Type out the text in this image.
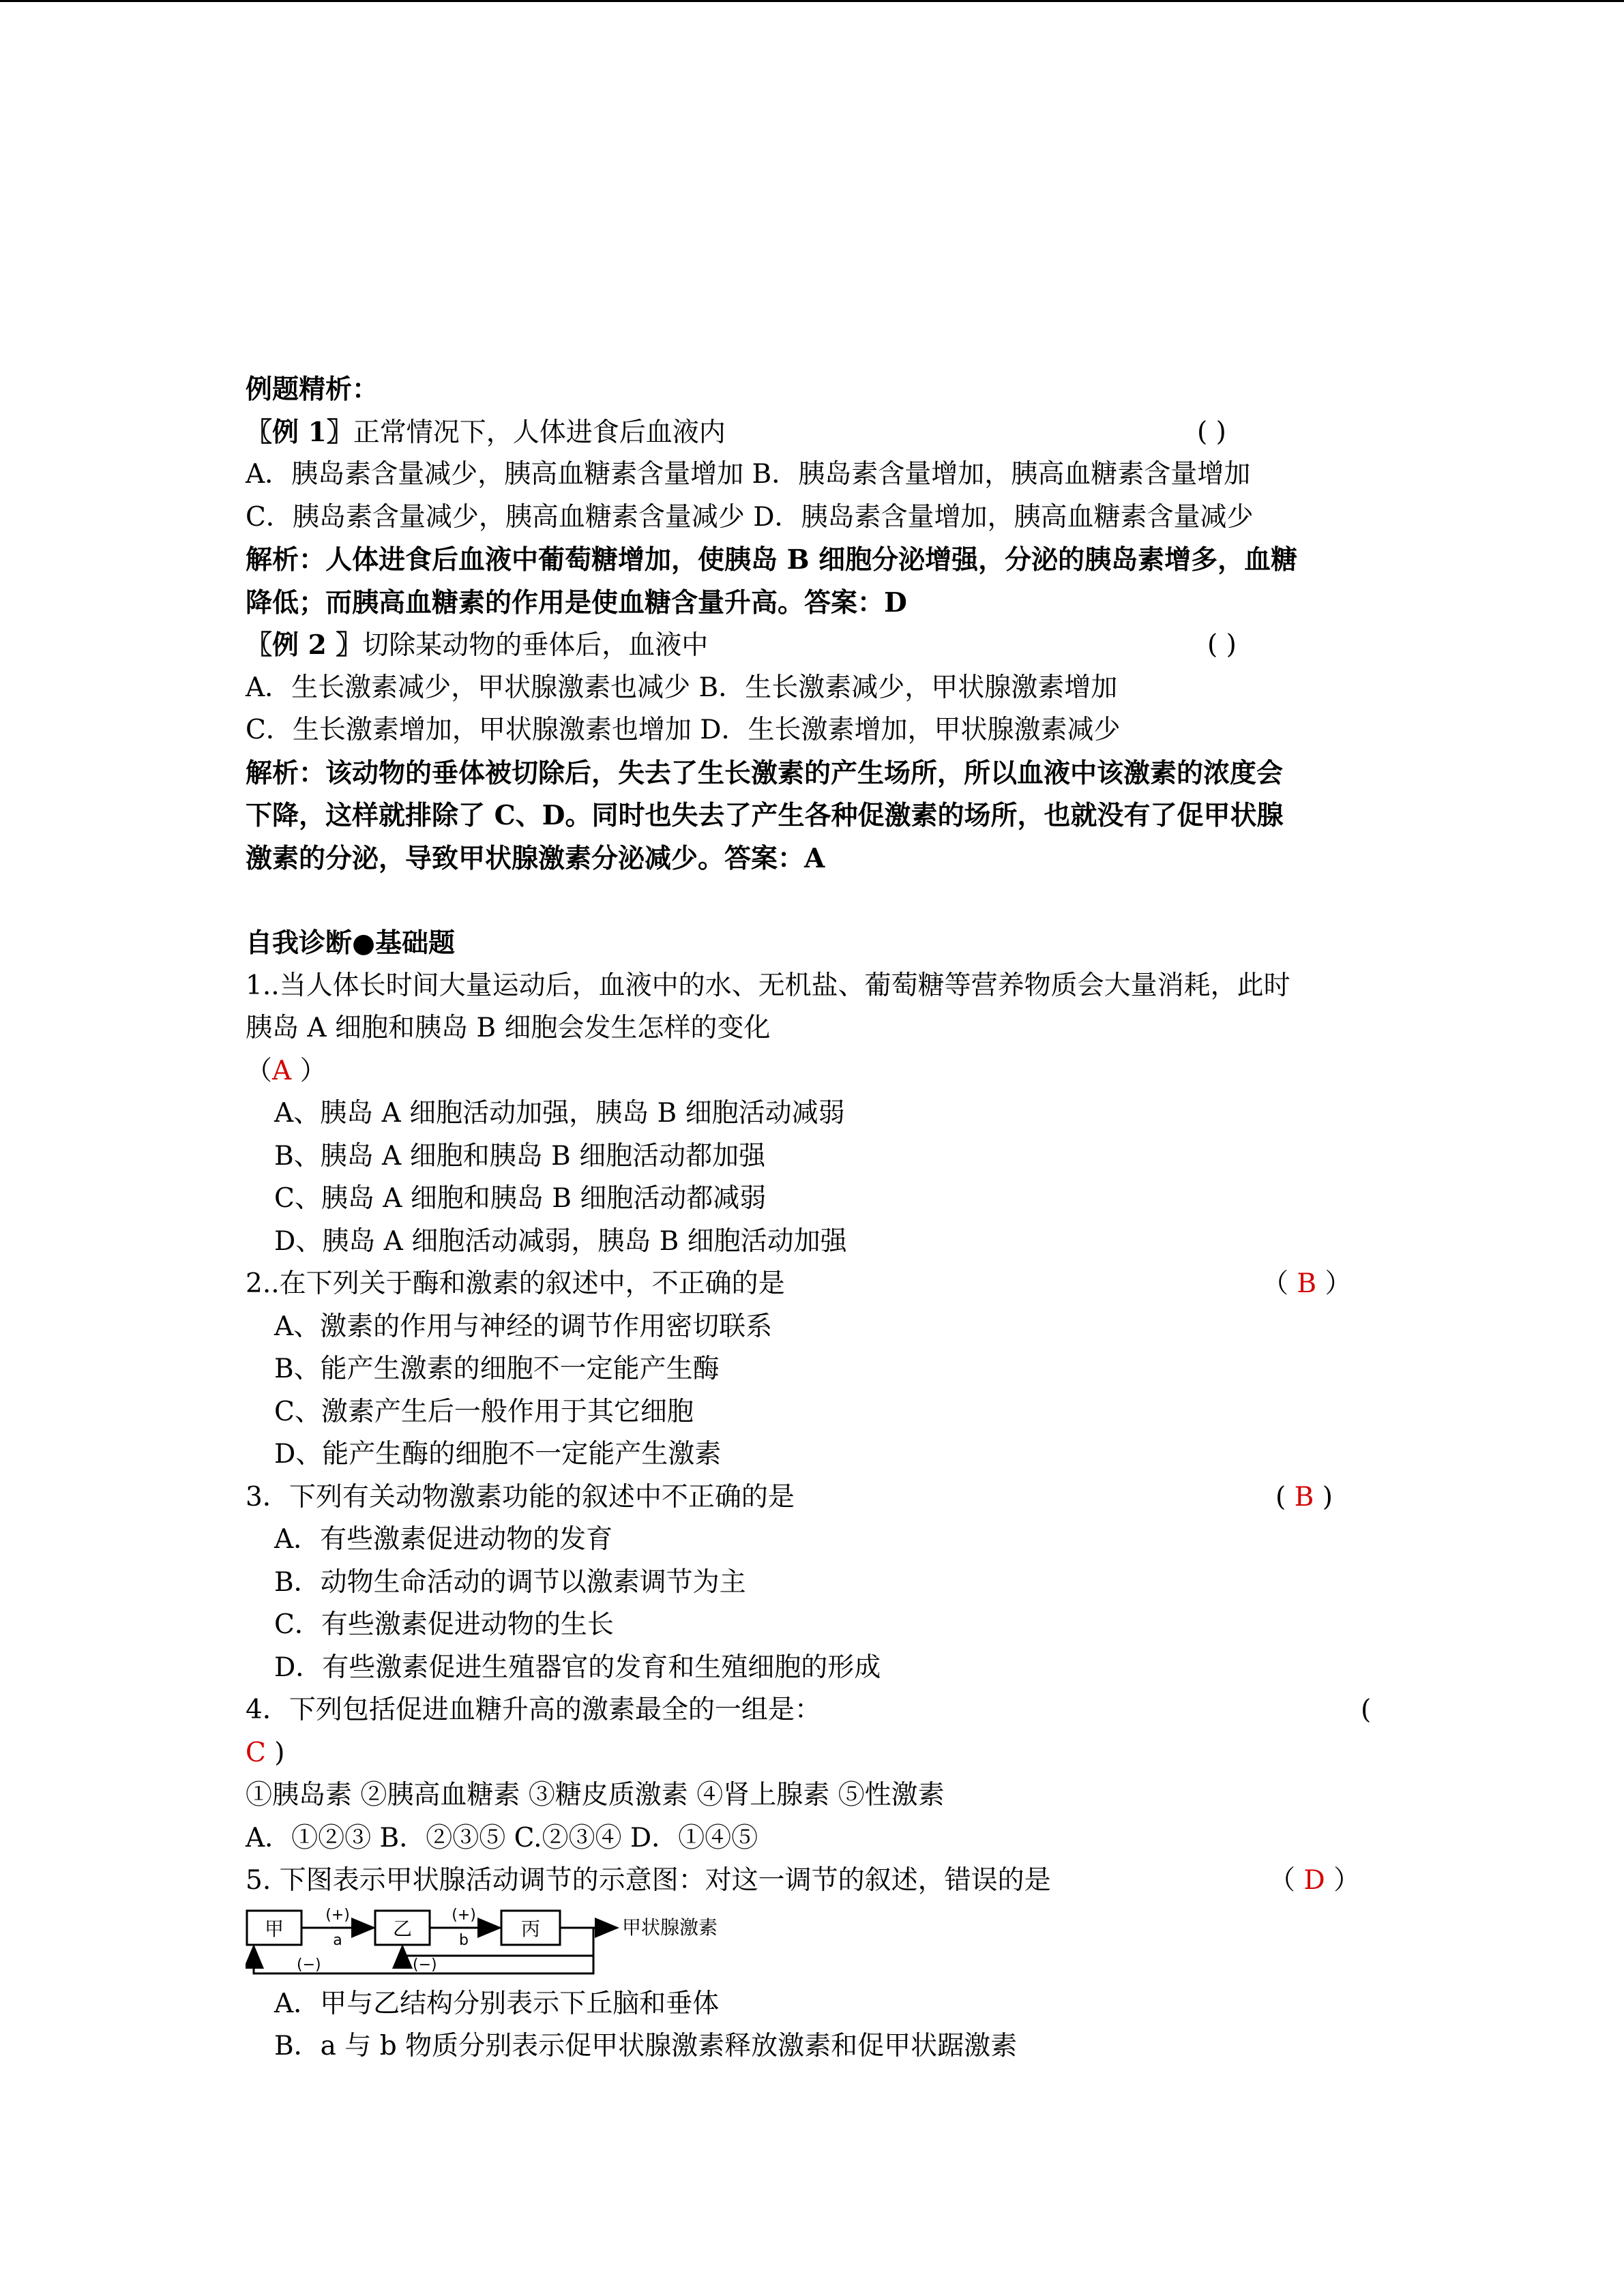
例题精析：
〖例 1〗正常情况下，人体进食后血液内	( )
A．胰岛素含量减少，胰高血糖素含量增加 B．胰岛素含量增加，胰高血糖素含量增加
C．胰岛素含量减少，胰高血糖素含量减少 D．胰岛素含量增加，胰高血糖素含量减少
解析：人体进食后血液中葡萄糖增加，使胰岛 B 细胞分泌增强，分泌的胰岛素增多，血糖
降低；而胰高血糖素的作用是使血糖含量升高。答案：D
〖例 2 〗切除某动物的垂体后，血液中	( )
A．生长激素减少，甲状腺激素也减少 B．生长激素减少，甲状腺激素增加
C．生长激素增加，甲状腺激素也增加 D．生长激素增加，甲状腺激素减少
解析：该动物的垂体被切除后，失去了生长激素的产生场所，所以血液中该激素的浓度会
下降，这样就排除了 C、D。同时也失去了产生各种促激素的场所，也就没有了促甲状腺
激素的分泌，导致甲状腺激素分泌减少。答案：A
自我诊断●基础题
1..当人体长时间大量运动后，血液中的水、无机盐、葡萄糖等营养物质会大量消耗，此时
胰岛 A 细胞和胰岛 B 细胞会发生怎样的变化
（A ）
A、胰岛 A 细胞活动加强，胰岛 B 细胞活动减弱
B、胰岛 A 细胞和胰岛 B 细胞活动都加强
C、胰岛 A 细胞和胰岛 B 细胞活动都减弱
D、胰岛 A 细胞活动减弱，胰岛 B 细胞活动加强
2..在下列关于酶和激素的叙述中，不正确的是	（ B ）
A、激素的作用与神经的调节作用密切联系
B、能产生激素的细胞不一定能产生酶
C、激素产生后一般作用于其它细胞
D、能产生酶的细胞不一定能产生激素
3．下列有关动物激素功能的叙述中不正确的是	( B )
A．有些激素促进动物的发育
B．动物生命活动的调节以激素调节为主
C．有些激素促进动物的生长
D．有些激素促进生殖器官的发育和生殖细胞的形成
4．下列包括促进血糖升高的激素最全的一组是：	(
C )
①胰岛素 ②胰高血糖素 ③糖皮质激素 ④肾上腺素 ⑤性激素
A．①②③ B．②③⑤ C.②③④ D．①④⑤
5. 下图表示甲状腺活动调节的示意图：对这一调节的叙述，错误的是	（ D ）
甲	乙	丙
(+)
a
(+)
b
甲状腺激素
(−)	(−)
A．甲与乙结构分别表示下丘脑和垂体
B．a 与 b 物质分别表示促甲状腺激素释放激素和促甲状踞激素
